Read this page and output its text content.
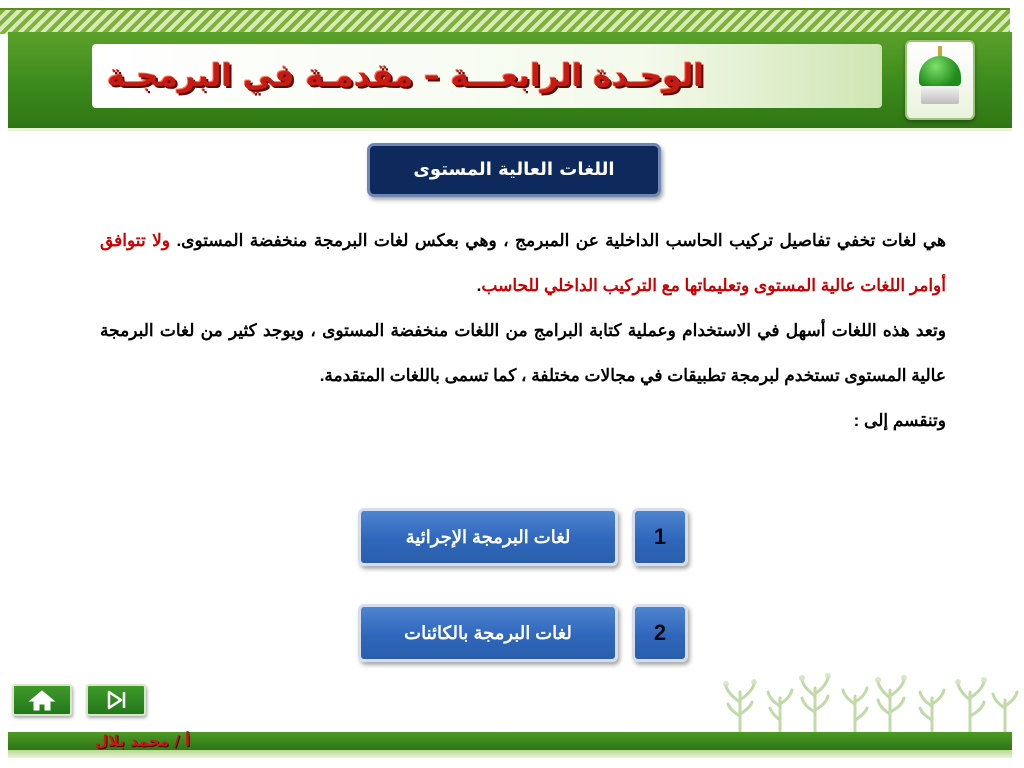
الوحـدة الرابعـــة – مقدمـة في البرمجـة
اللغات العالية المستوى

هي لغات تخفي تفاصيل تركيب الحاسب الداخلية عن المبرمج ، وهي بعكس لغات البرمجة منخفضة المستوى. ولا تتوافق أوامر اللغات عالية المستوى وتعليماتها مع التركيب الداخلي للحاسب.

وتعد هذه اللغات أسهل في الاستخدام وعملية كتابة البرامج من اللغات منخفضة المستوى ، ويوجد كثير من لغات البرمجة عالية المستوى تستخدم لبرمجة تطبيقات في مجالات مختلفة ، كما تسمى باللغات المتقدمة.

وتنقسم إلى :

لغات البرمجة الإجرائية	1
لغات البرمجة بالكائنات	2
أ / محمد بلال
